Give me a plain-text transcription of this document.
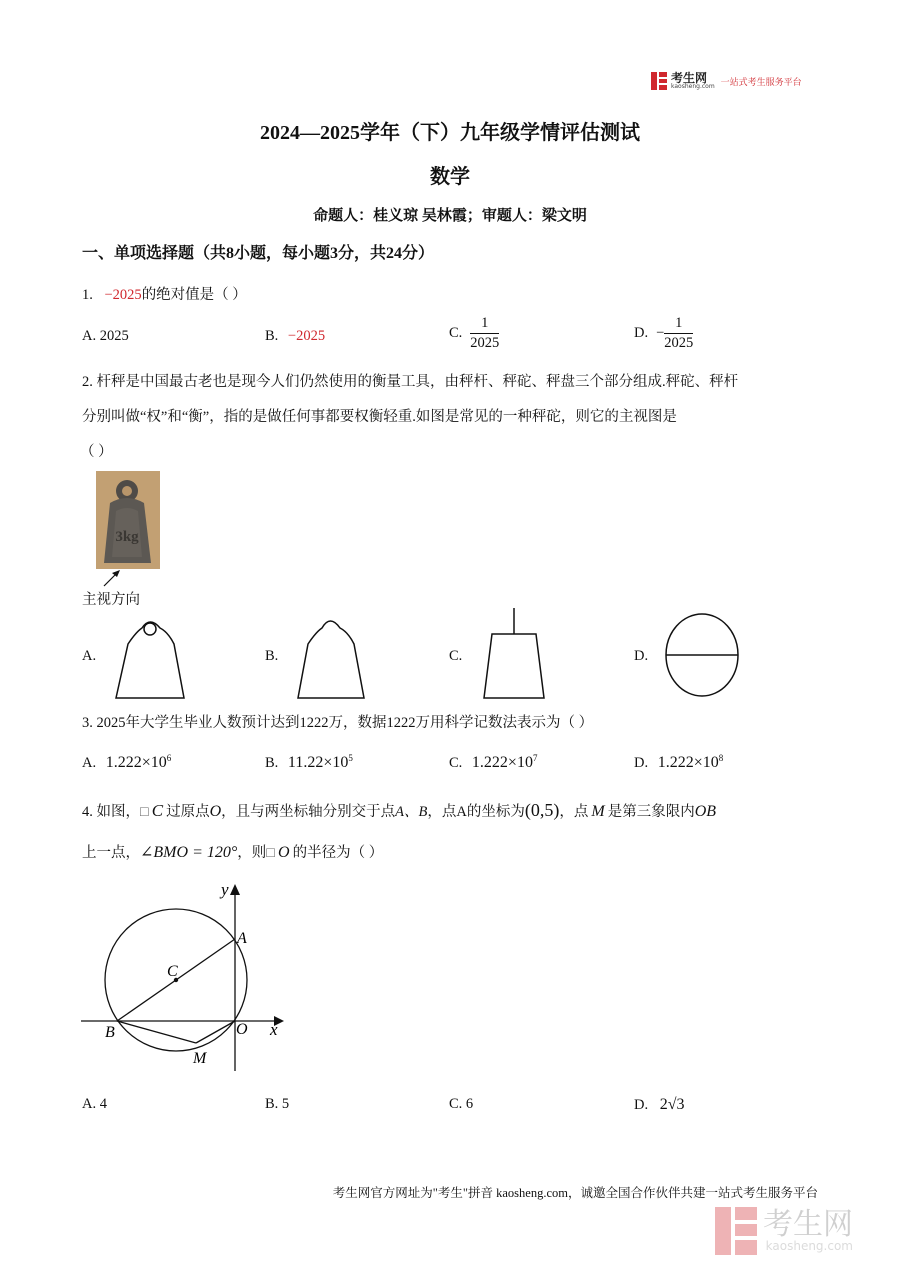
考生网
kaosheng.com 一站式考生服务平台
2024—2025学年（下）九年级学情评估测试
数学
命题人：桂义琼 吴林霞；审题人：梁文明
一、单项选择题（共8小题，每小题3分，共24分）
1. −2025的绝对值是（ ）
A. 2025	B. −2025	C. $\frac{1}{2025}$	D. − $\frac{1}{2025}$
2. 杆秤是中国最古老也是现今人们仍然使用的衡量工具，由秤杆、秤砣、秤盘三个部分组成.秤砣、秤杆
分别叫做“权”和“衡”，指的是做任何事都要权衡轻重.如图是常见的一种秤砣，则它的主视图是
（ ）
3kg
主视方向
A.	B.	C.	D.
3. 2025年大学生毕业人数预计达到1222万，数据1222万用科学记数法表示为（ ）
A. $1.222\times 10^6$	B. $11.22\times 10^5$	C. $1.222\times 10^7$	D. $1.222\times 10^8$
4. 如图，□ C 过原点O，且与两坐标轴分别交于点A、B，点A的坐标为(0,5)，点 M 是第三象限内OB
上一点，∠BMO = 120°，则□ O 的半径为（ ）
y
x
A
C
B	O
M
A. 4	B. 5	C. 6	D. 2√3
考生网官方网址为"考生"拼音 kaosheng.com，诚邀全国合作伙伴共建一站式考生服务平台
考生网
kaosheng.com
